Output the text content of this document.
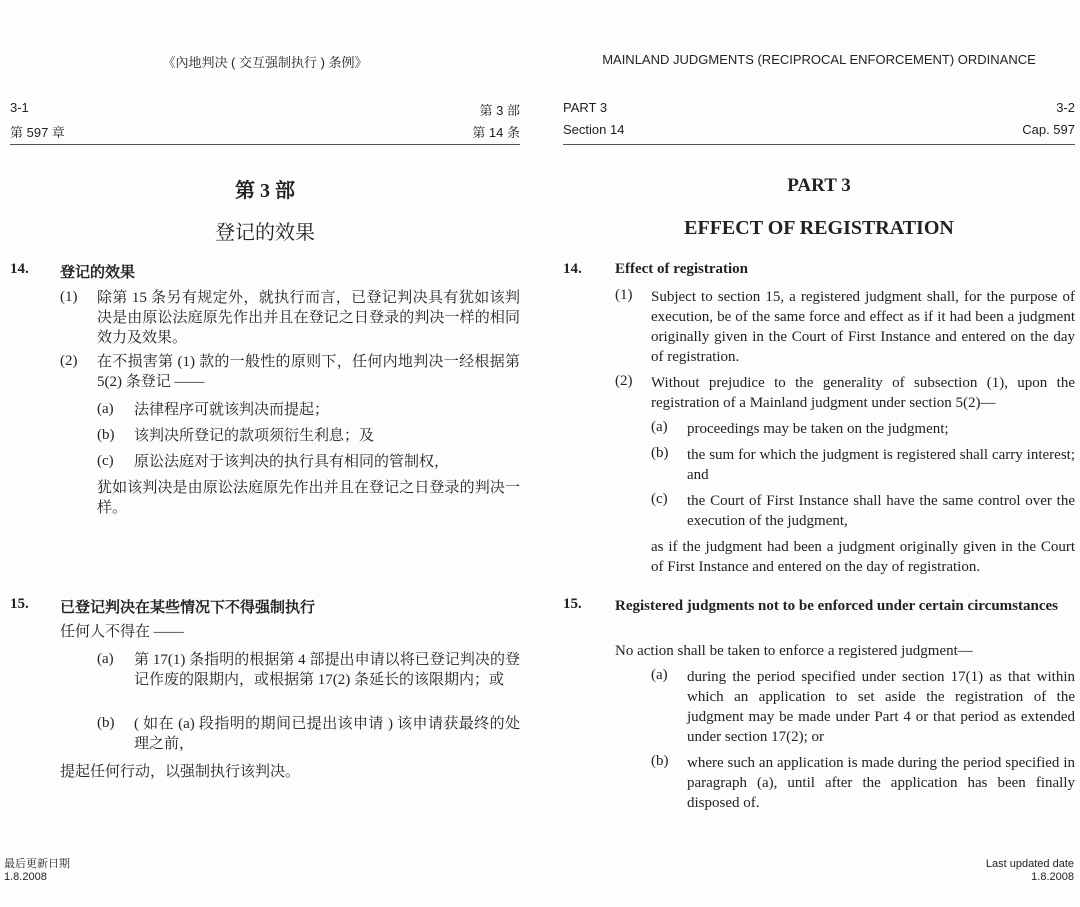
《內地判决 ( 交互强制执行 ) 条例》
3-1	第 3 部
第 597 章	第 14 条
第 3 部
登记的效果
14. 登记的效果
(1) 除第 15 条另有规定外，就执行而言，已登记判决具有犹如该判决是由原讼法庭原先作出并且在登记之日登录的判决一样的相同效力及效果。
(2) 在不损害第 (1) 款的一般性的原则下，任何内地判决一经根据第 5(2) 条登记 ——
(a) 法律程序可就该判决而提起；
(b) 该判决所登记的款项须衍生利息；及
(c) 原讼法庭对于该判决的执行具有相同的管制权，
犹如该判决是由原讼法庭原先作出并且在登记之日登录的判决一样。
15. 已登记判决在某些情况下不得强制执行
任何人不得在 ——
(a) 第 17(1) 条指明的根据第 4 部提出申请以将已登记判决的登记作废的限期内，或根据第 17(2) 条延长的该限期内；或
(b) ( 如在 (a) 段指明的期间已提出该申请 ) 该申请获最终的处理之前，
提起任何行动，以强制执行该判决。
最后更新日期
1.8.2008
MAINLAND JUDGMENTS (RECIPROCAL ENFORCEMENT) ORDINANCE
PART 3	3-2
Section 14	Cap. 597
PART 3
EFFECT OF REGISTRATION
14. Effect of registration
(1) Subject to section 15, a registered judgment shall, for the purpose of execution, be of the same force and effect as if it had been a judgment originally given in the Court of First Instance and entered on the day of registration.
(2) Without prejudice to the generality of subsection (1), upon the registration of a Mainland judgment under section 5(2)—
(a) proceedings may be taken on the judgment;
(b) the sum for which the judgment is registered shall carry interest; and
(c) the Court of First Instance shall have the same control over the execution of the judgment,
as if the judgment had been a judgment originally given in the Court of First Instance and entered on the day of registration.
15. Registered judgments not to be enforced under certain circumstances
No action shall be taken to enforce a registered judgment—
(a) during the period specified under section 17(1) as that within which an application to set aside the registration of the judgment may be made under Part 4 or that period as extended under section 17(2); or
(b) where such an application is made during the period specified in paragraph (a), until after the application has been finally disposed of.
Last updated date
1.8.2008
